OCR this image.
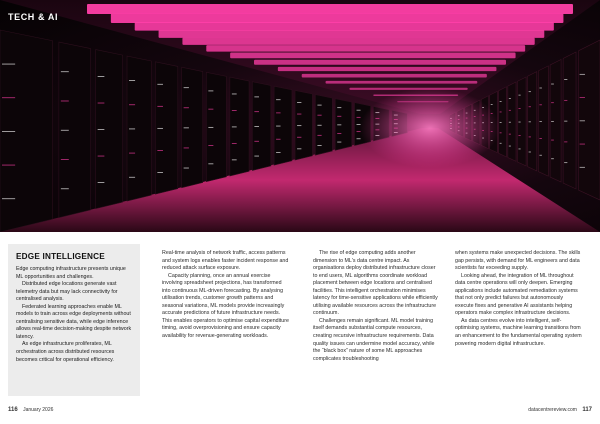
TECH & AI
EDGE INTELLIGENCE

Edge computing infrastructure presents unique ML opportunities and challenges.

Distributed edge locations generate vast telemetry data but may lack connectivity for centralised analysis.

Federated learning approaches enable ML models to train across edge deployments without centralising sensitive data, while edge inference allows real-time decision-making despite network latency.

As edge infrastructure proliferates, ML orchestration across distributed resources becomes critical for operational efficiency.

Real-time analysis of network traffic, access patterns and system logs enables faster incident response and reduced attack surface exposure.

Capacity planning, once an annual exercise involving spreadsheet projections, has transformed into continuous ML-driven forecasting. By analysing utilisation trends, customer growth patterns and seasonal variations, ML models provide increasingly accurate predictions of future infrastructure needs. This enables operators to optimise capital expenditure timing, avoid overprovisioning and ensure capacity availability for revenue-generating workloads.

The rise of edge computing adds another dimension to ML's data centre impact. As organisations deploy distributed infrastructure closer to end users, ML algorithms coordinate workload placement between edge locations and centralised facilities. This intelligent orchestration minimises latency for time-sensitive applications while efficiently utilising available resources across the infrastructure continuum.

Challenges remain significant. ML model training itself demands substantial compute resources, creating recursive infrastructure requirements. Data quality issues can undermine model accuracy, while the “black box” nature of some ML approaches complicates troubleshooting

when systems make unexpected decisions. The skills gap persists, with demand for ML engineers and data scientists far exceeding supply.

Looking ahead, the integration of ML throughout data centre operations will only deepen. Emerging applications include automated remediation systems that not only predict failures but autonomously execute fixes and generative AI assistants helping operators make complex infrastructure decisions.

As data centres evolve into intelligent, self-optimising systems, machine learning transitions from an enhancement to the fundamental operating system powering modern digital infrastructure.

116 January 2026	datacentrereview.com 117
